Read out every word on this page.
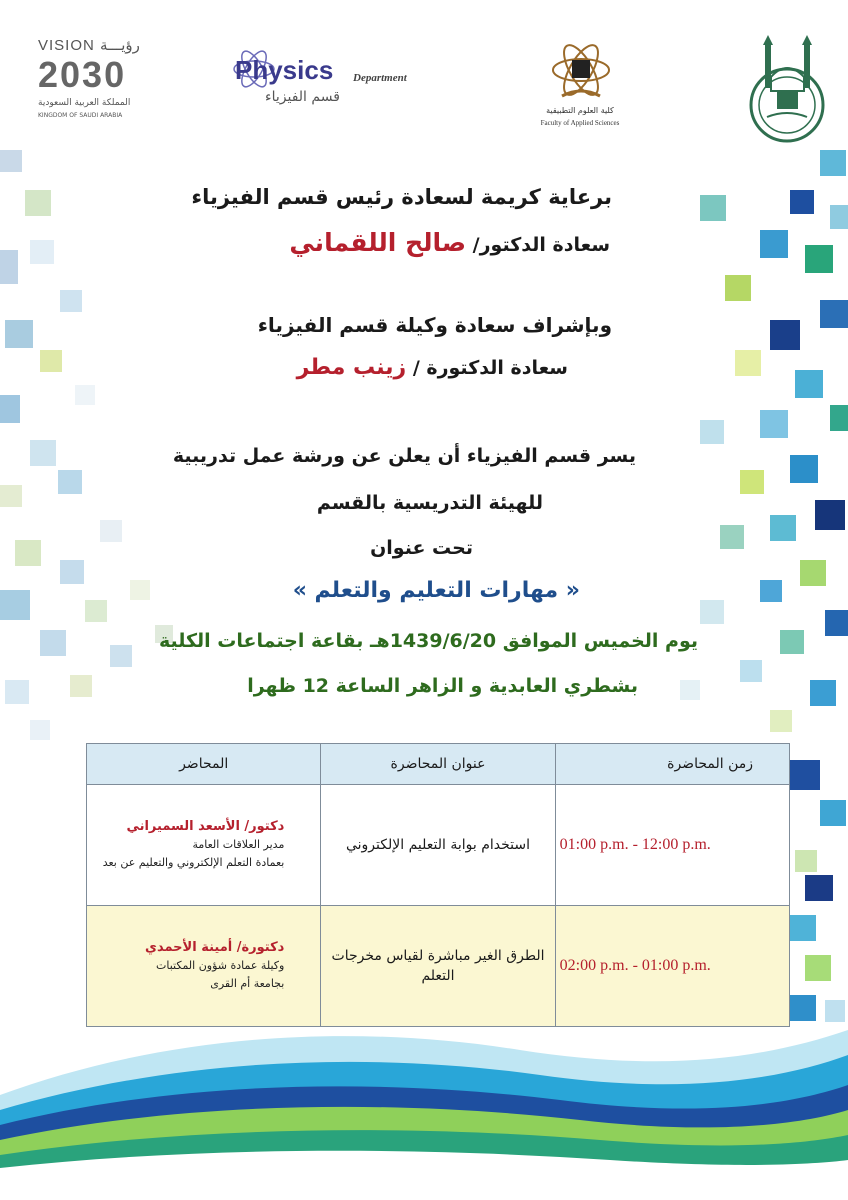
VISION رؤيـــة
2030
المملكة العربية السعودية
KINGDOM OF SAUDI ARABIA
Physics Department
قسم الفيزياء
كلية العلوم التطبيقية
Faculty of Applied Sciences
برعاية كريمة لسعادة رئيس قسم الفيزياء
سعادة الدكتور/ صالح اللقماني
وبإشراف سعادة وكيلة قسم الفيزياء
سعادة الدكتورة / زينب مطر
يسر قسم الفيزياء أن يعلن عن ورشة عمل تدريبية
للهيئة التدريسية بالقسم
تحت عنوان
« مهارات التعليم والتعلم »
يوم الخميس الموافق 1439/6/20هـ بقاعة اجتماعات الكلية
بشطري العابدية و الزاهر الساعة 12 ظهرا
زمن المحاضرة	عنوان المحاضرة	المحاضر
01:00 p.m. - 12:00 p.m.	استخدام بوابة التعليم الإلكتروني	دكتور/ الأسعد السميراني
مدير العلاقات العامة
بعمادة التعلم الإلكتروني والتعليم عن بعد
02:00 p.m. - 01:00 p.m.	الطرق الغير مباشرة لقياس مخرجات التعلم	دكتورة/ أمينة الأحمدي
وكيلة عمادة شؤون المكتبات
بجامعة أم القرى
